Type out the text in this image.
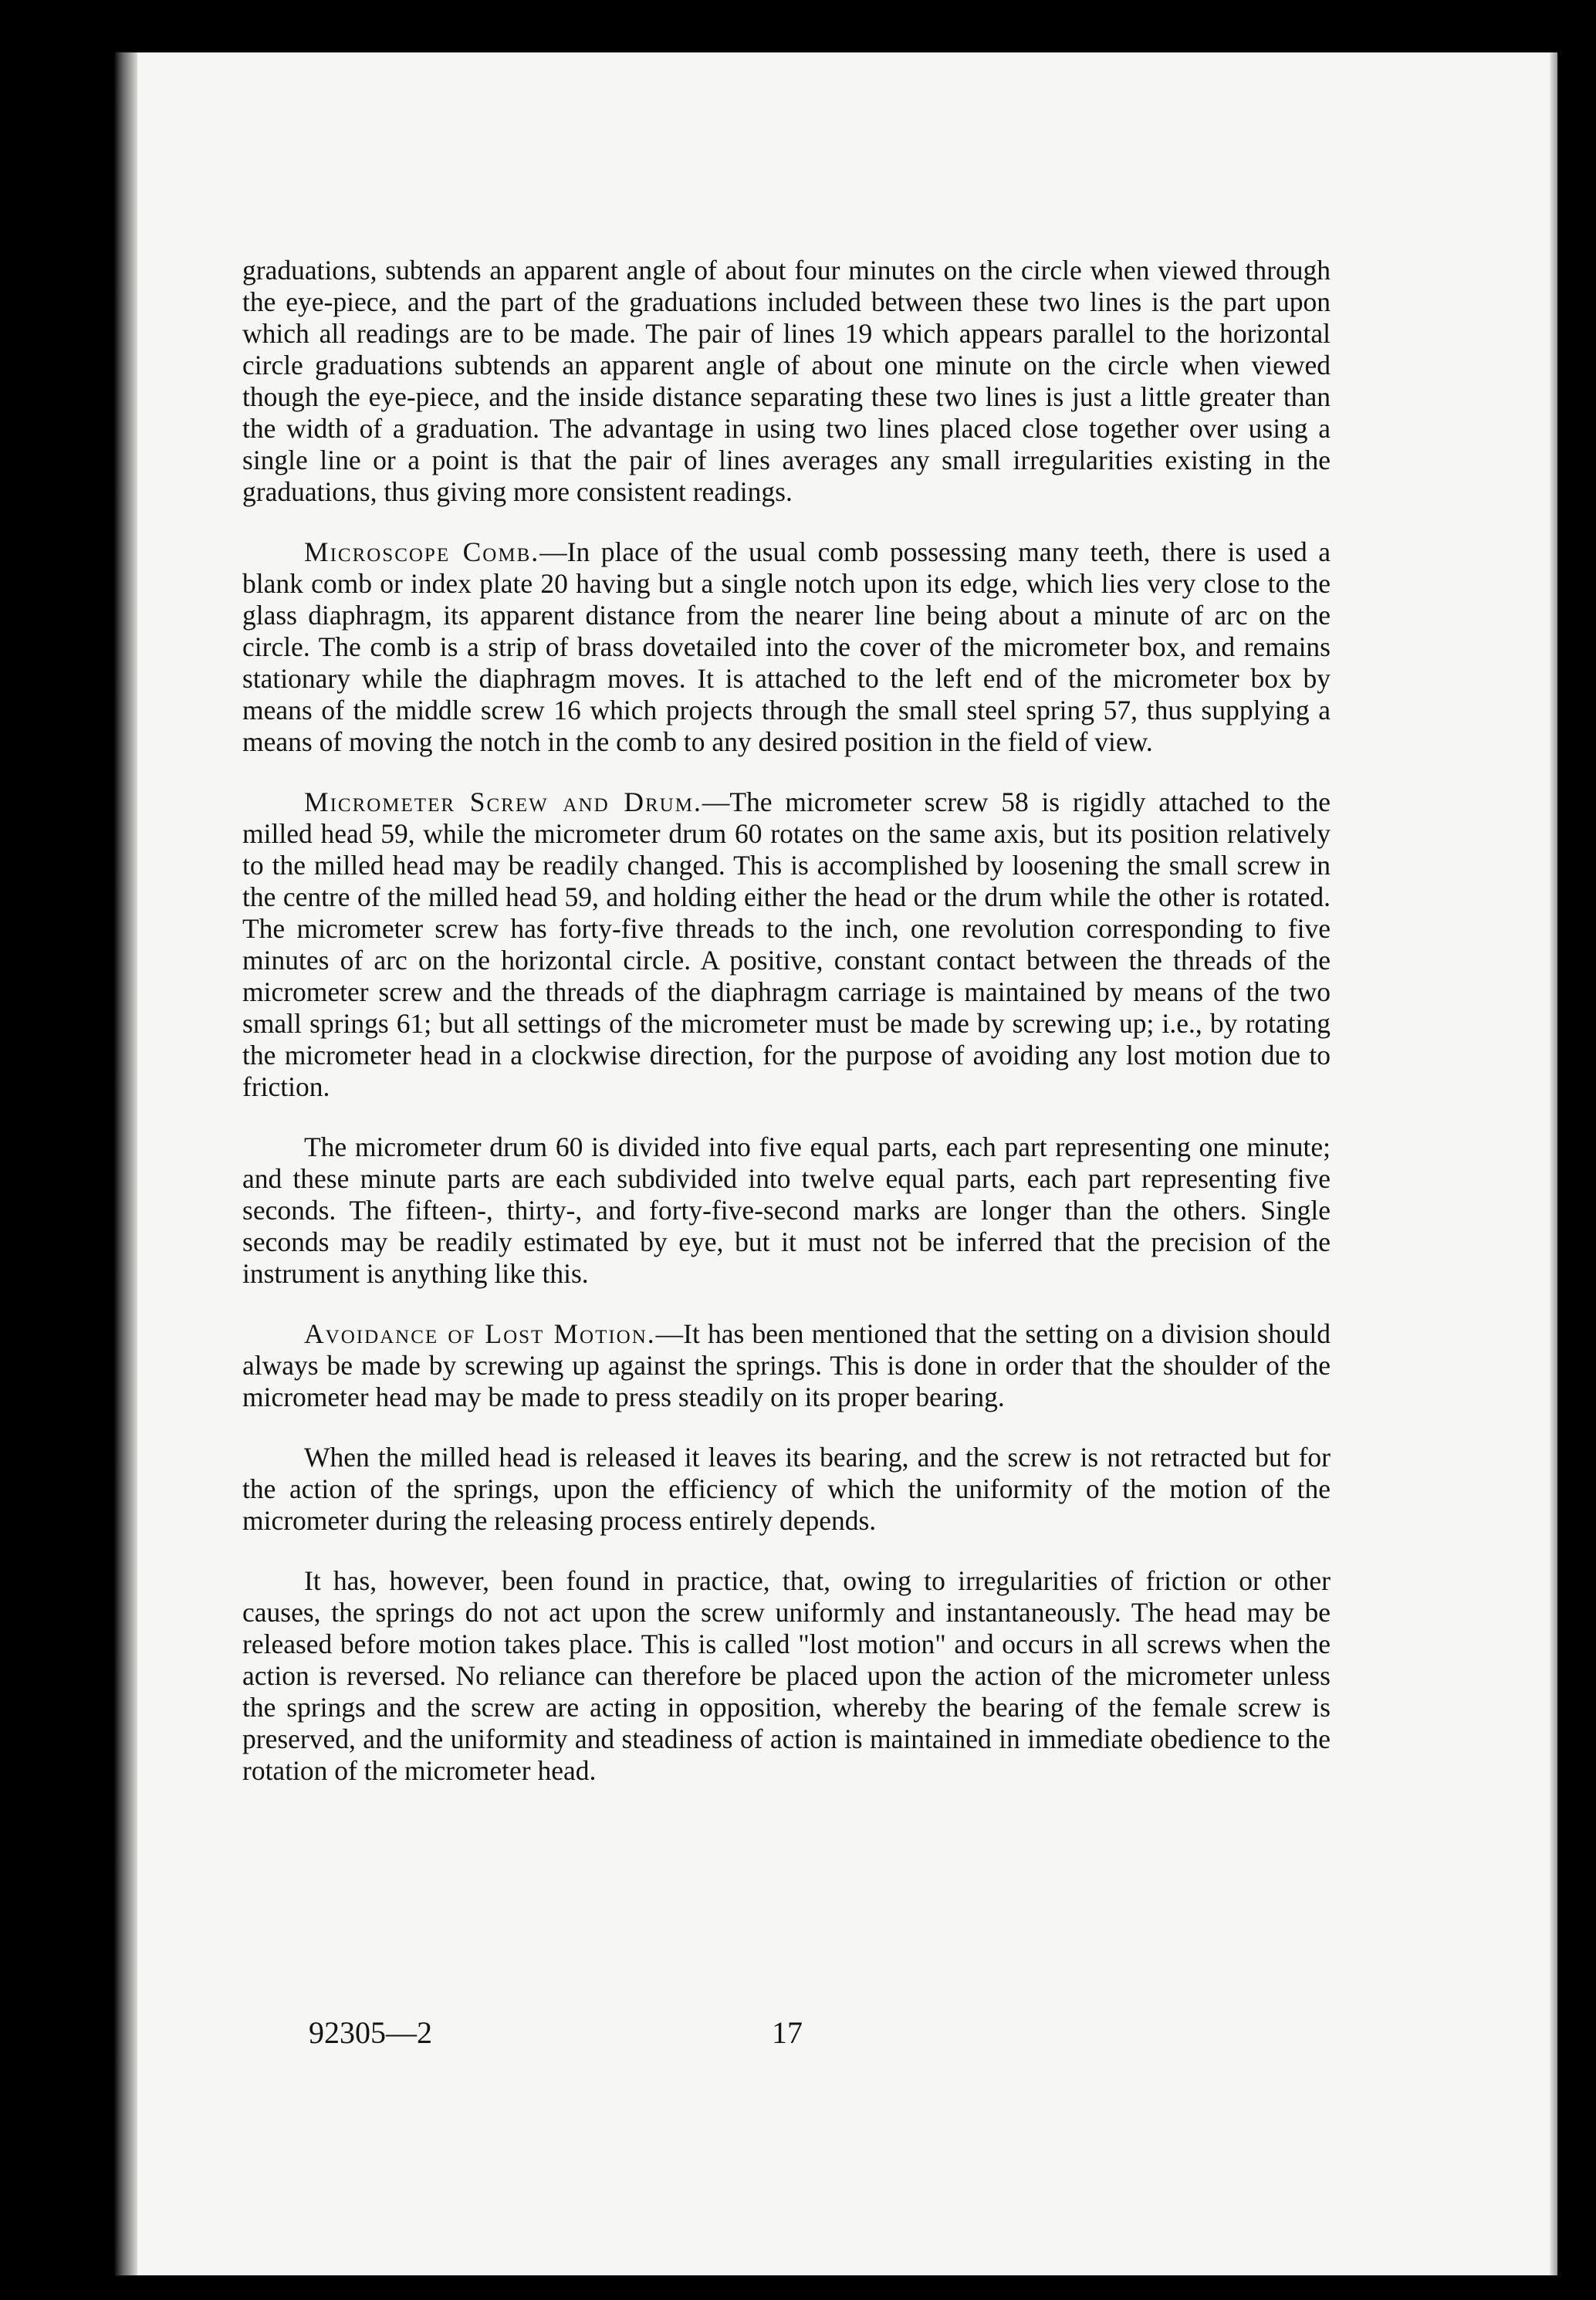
graduations, subtends an apparent angle of about four minutes on the circle when viewed through the eye-piece, and the part of the graduations included between these two lines is the part upon which all readings are to be made. The pair of lines 19 which appears parallel to the horizontal circle graduations subtends an apparent angle of about one minute on the circle when viewed though the eye-piece, and the inside distance separating these two lines is just a little greater than the width of a graduation. The advantage in using two lines placed close together over using a single line or a point is that the pair of lines averages any small irregularities existing in the graduations, thus giving more consistent readings.

Microscope Comb.—In place of the usual comb possessing many teeth, there is used a blank comb or index plate 20 having but a single notch upon its edge, which lies very close to the glass diaphragm, its apparent distance from the nearer line being about a minute of arc on the circle. The comb is a strip of brass dovetailed into the cover of the micrometer box, and remains stationary while the diaphragm moves. It is attached to the left end of the micrometer box by means of the middle screw 16 which projects through the small steel spring 57, thus supplying a means of moving the notch in the comb to any desired position in the field of view.

Micrometer Screw and Drum.—The micrometer screw 58 is rigidly attached to the milled head 59, while the micrometer drum 60 rotates on the same axis, but its position relatively to the milled head may be readily changed. This is accomplished by loosening the small screw in the centre of the milled head 59, and holding either the head or the drum while the other is rotated. The micrometer screw has forty-five threads to the inch, one revolution corresponding to five minutes of arc on the horizontal circle. A positive, constant contact between the threads of the micrometer screw and the threads of the diaphragm carriage is maintained by means of the two small springs 61; but all settings of the micrometer must be made by screwing up; i.e., by rotating the micrometer head in a clockwise direction, for the purpose of avoiding any lost motion due to friction.

The micrometer drum 60 is divided into five equal parts, each part representing one minute; and these minute parts are each subdivided into twelve equal parts, each part representing five seconds. The fifteen-, thirty-, and forty-five-second marks are longer than the others. Single seconds may be readily estimated by eye, but it must not be inferred that the precision of the instrument is anything like this.

Avoidance of Lost Motion.—It has been mentioned that the setting on a division should always be made by screwing up against the springs. This is done in order that the shoulder of the micrometer head may be made to press steadily on its proper bearing.

When the milled head is released it leaves its bearing, and the screw is not retracted but for the action of the springs, upon the efficiency of which the uniformity of the motion of the micrometer during the releasing process entirely depends.

It has, however, been found in practice, that, owing to irregularities of friction or other causes, the springs do not act upon the screw uniformly and instantaneously. The head may be released before motion takes place. This is called "lost motion" and occurs in all screws when the action is reversed. No reliance can therefore be placed upon the action of the micrometer unless the springs and the screw are acting in opposition, whereby the bearing of the female screw is preserved, and the uniformity and steadiness of action is maintained in immediate obedience to the rotation of the micrometer head.

92305—2	17
